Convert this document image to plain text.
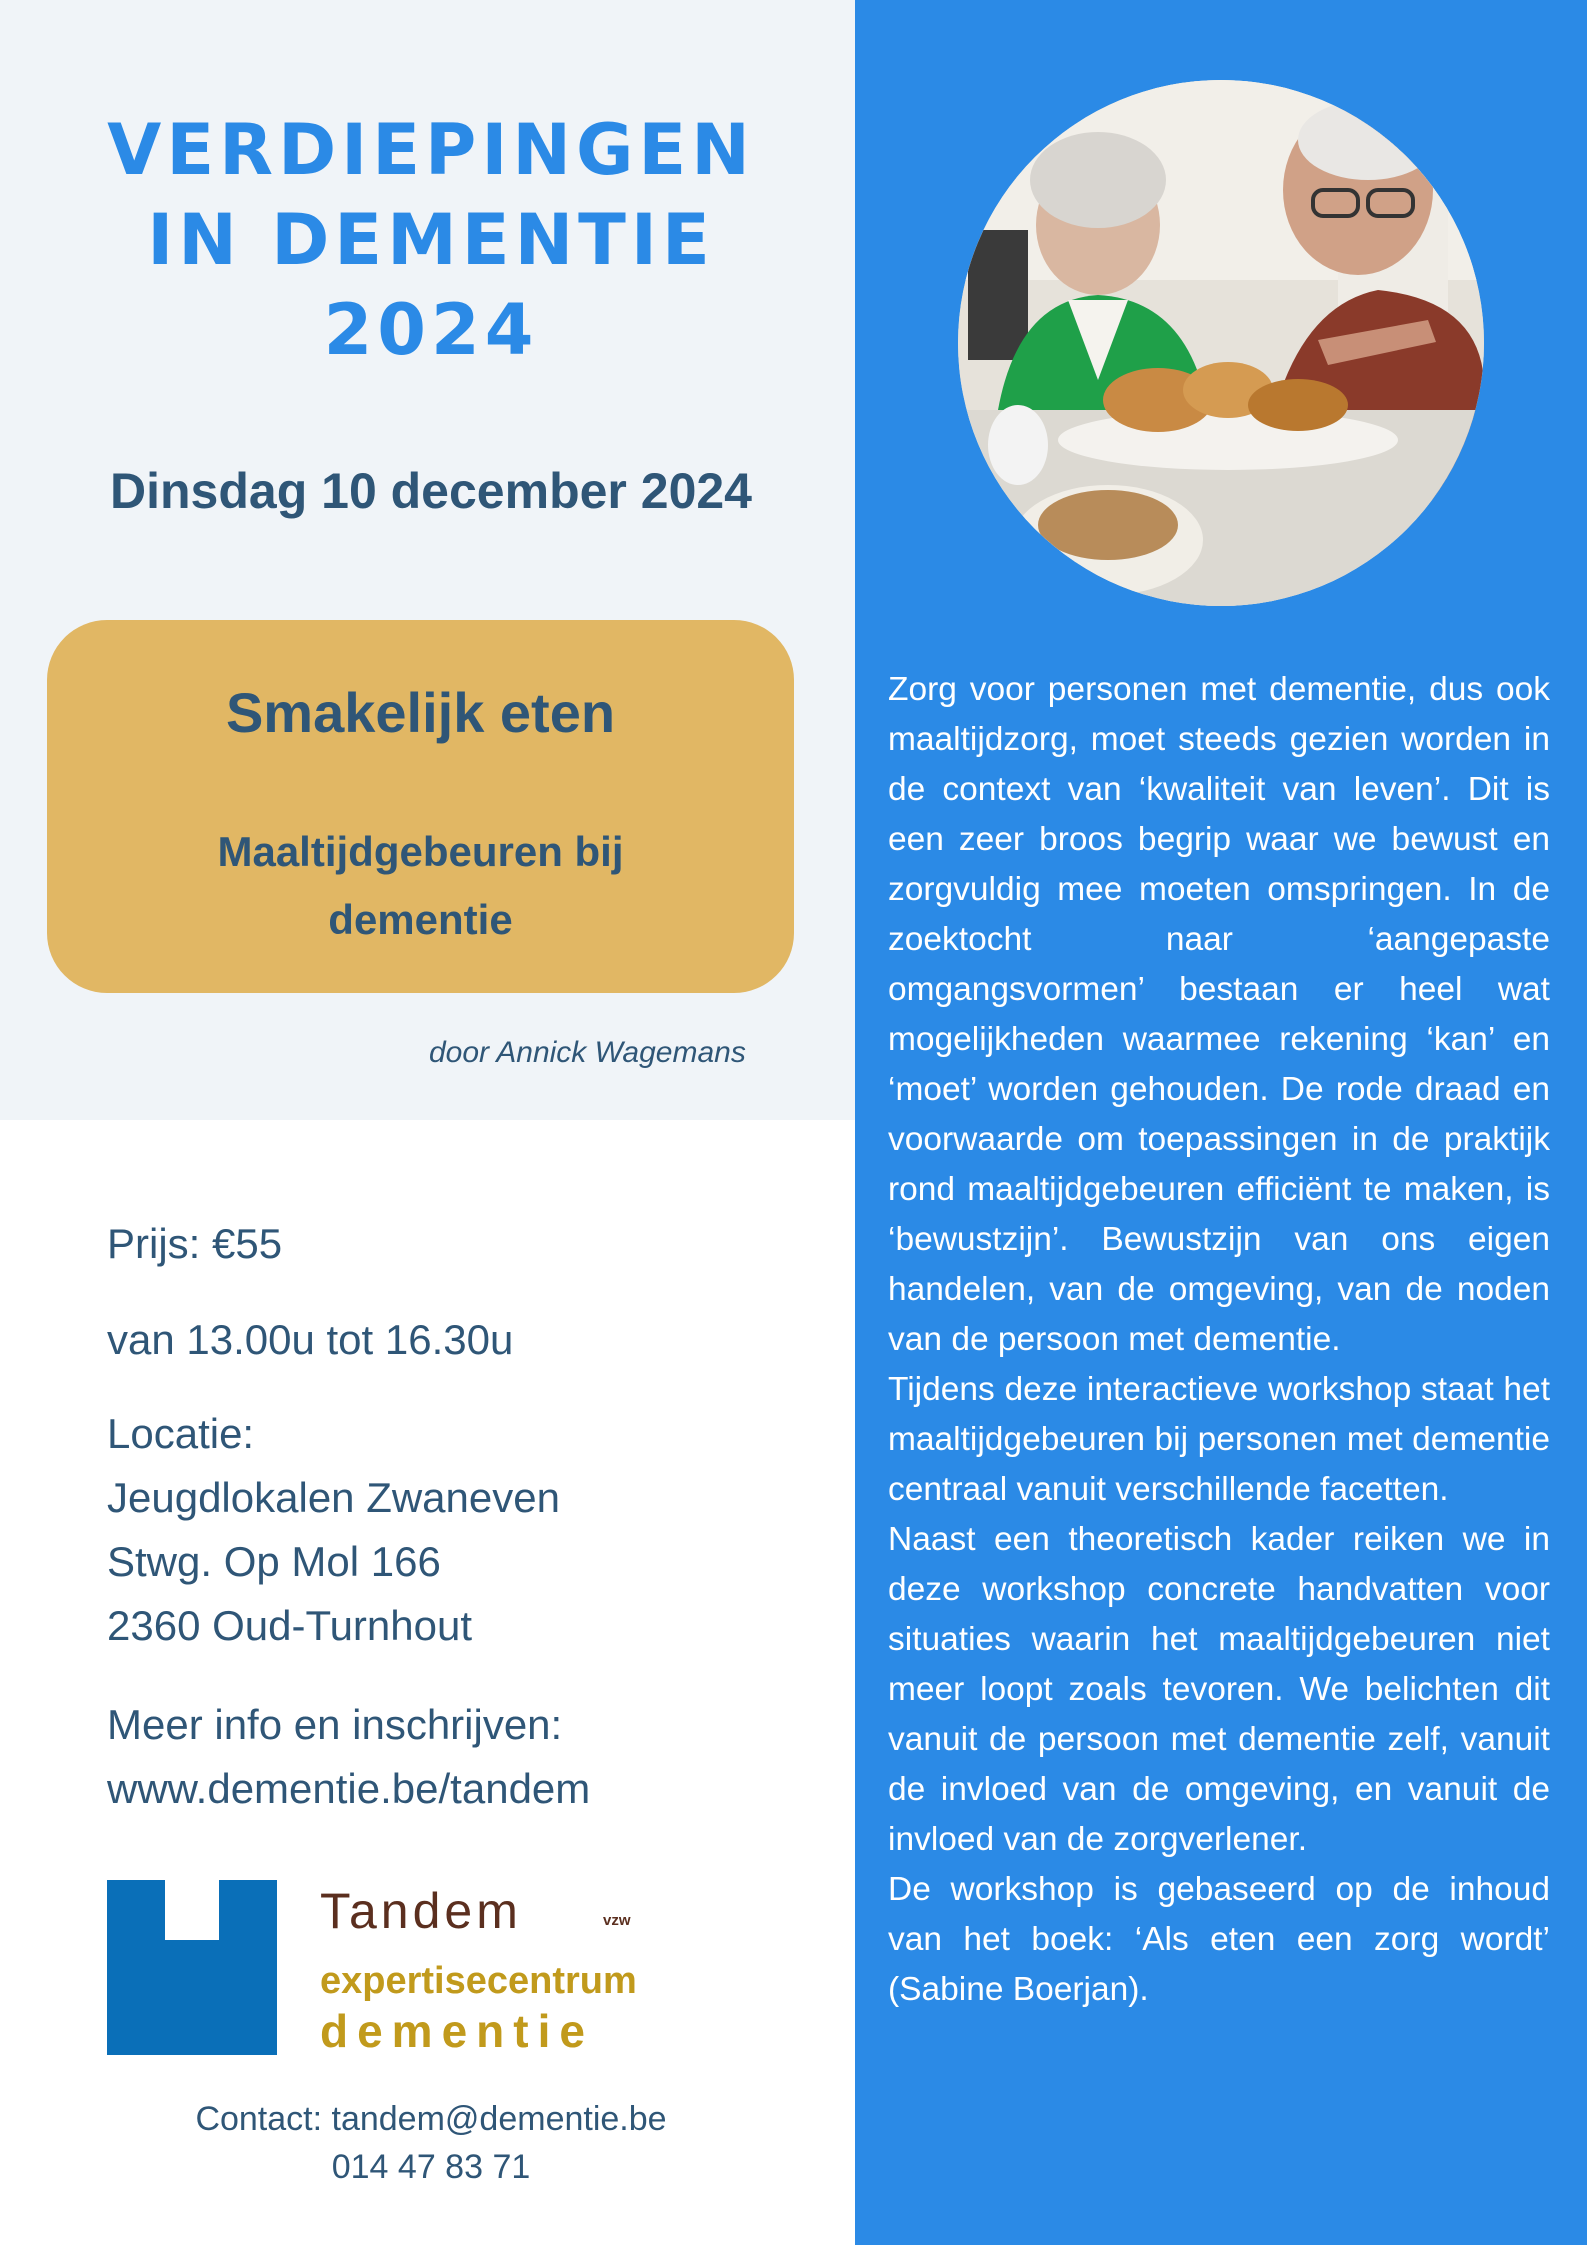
VERDIEPINGEN
IN DEMENTIE
2024
Dinsdag 10 december 2024
Smakelijk eten
Maaltijdgebeuren bij
dementie
door Annick Wagemans
Prijs: €55
van 13.00u tot 16.30u
Locatie:
Jeugdlokalen Zwaneven
Stwg. Op Mol 166
2360 Oud-Turnhout
Meer info en inschrijven:
www.dementie.be/tandem
Tandem	vzw
expertisecentrum
dementie
Contact: tandem@dementie.be
014 47 83 71

Zorg voor personen met dementie, dus ook maaltijdzorg, moet steeds gezien worden in de context van ‘kwaliteit van leven’. Dit is een zeer broos begrip waar we bewust en zorgvuldig mee moeten omspringen. In de zoektocht naar ‘aangepaste omgangsvormen’ bestaan er heel wat mogelijkheden waarmee rekening ‘kan’ en ‘moet’ worden gehouden. De rode draad en voorwaarde om toepassingen in de praktijk rond maaltijdgebeuren efficiënt te maken, is ‘bewustzijn’. Bewustzijn van ons eigen handelen, van de omgeving, van de noden van de persoon met dementie.

Tijdens deze interactieve workshop staat het maaltijdgebeuren bij personen met dementie centraal vanuit verschillende facetten.

Naast een theoretisch kader reiken we in deze workshop concrete handvatten voor situaties waarin het maaltijdgebeuren niet meer loopt zoals tevoren. We belichten dit vanuit de persoon met dementie zelf, vanuit de invloed van de omgeving, en vanuit de invloed van de zorgverlener.

De workshop is gebaseerd op de inhoud van het boek: ‘Als eten een zorg wordt’ (Sabine Boerjan).
